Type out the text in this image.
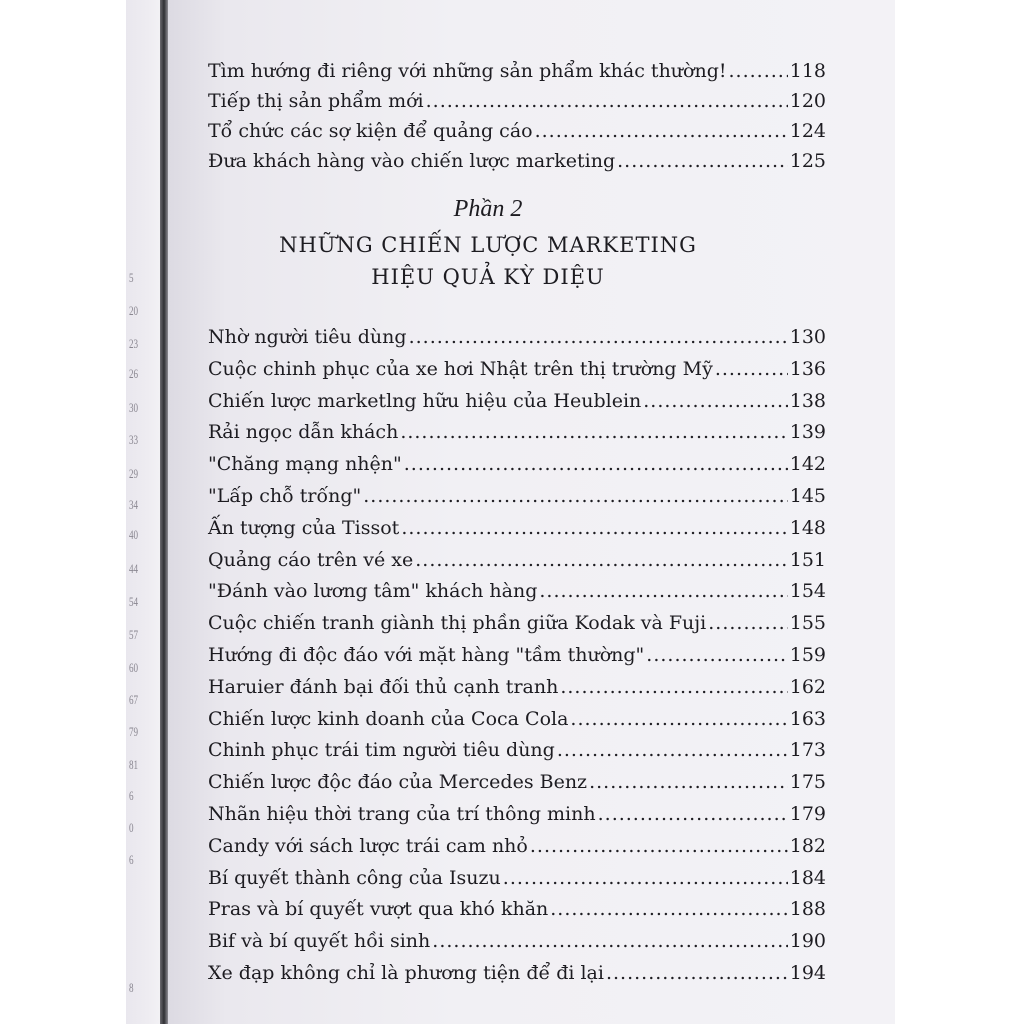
5
20
23
26
30
33
29
34
40
44
54
57
60
67
79
81
6
0
6
8
Tìm hướng đi riêng với những sản phẩm khác thường! .....	118
Tiếp thị sản phẩm mới .....	120
Tổ chức các sợ kiện để quảng cáo .....	124
Đưa khách hàng vào chiến lược marketing .....	125
Phần 2
NHỮNG CHIẾN LƯỢC MARKETING
HIỆU QUẢ KỲ DIỆU
Nhờ người tiêu dùng .....	130
Cuộc chinh phục của xe hơi Nhật trên thị trường Mỹ .....	136
Chiến lược marketlng hữu hiệu của Heublein .....	138
Rải ngọc dẫn khách .....	139
"Chăng mạng nhện" .....	142
"Lấp chỗ trống" .....	145
Ấn tượng của Tissot .....	148
Quảng cáo trên vé xe .....	151
"Đánh vào lương tâm" khách hàng .....	154
Cuộc chiến tranh giành thị phần giữa Kodak và Fuji .....	155
Hướng đi độc đáo với mặt hàng "tầm thường" .....	159
Haruier đánh bại đối thủ cạnh tranh .....	162
Chiến lược kinh doanh của Coca Cola .....	163
Chinh phục trái tim người tiêu dùng .....	173
Chiến lược độc đáo của Mercedes Benz .....	175
Nhãn hiệu thời trang của trí thông minh .....	179
Candy với sách lược trái cam nhỏ .....	182
Bí quyết thành công của Isuzu .....	184
Pras và bí quyết vượt qua khó khăn .....	188
Bif và bí quyết hồi sinh .....	190
Xe đạp không chỉ là phương tiện để đi lại .....	194
